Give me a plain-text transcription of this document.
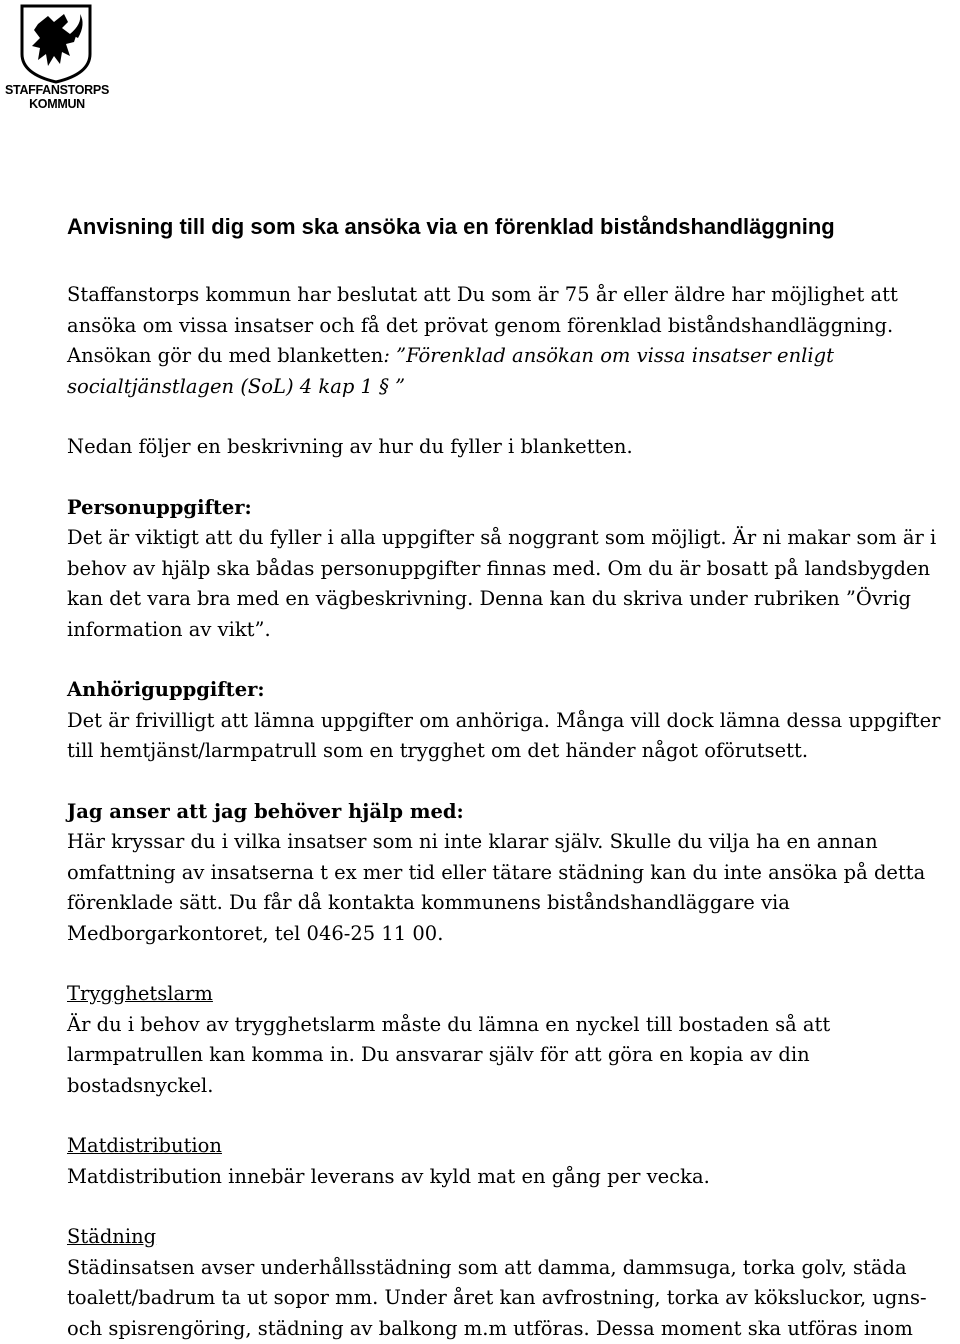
STAFFANSTORPS
KOMMUN
Anvisning till dig som ska ansöka via en förenklad biståndshandläggning

Staffanstorps kommun har beslutat att Du som är 75 år eller äldre har möjlighet att ansöka om vissa insatser och få det prövat genom förenklad biståndshandläggning. Ansökan gör du med blanketten: ”Förenklad ansökan om vissa insatser enligt socialtjänstlagen (SoL) 4 kap 1 § ”

Nedan följer en beskrivning av hur du fyller i blanketten.

Personuppgifter:

Det är viktigt att du fyller i alla uppgifter så noggrant som möjligt. Är ni makar som är i behov av hjälp ska bådas personuppgifter finnas med. Om du är bosatt på landsbygden kan det vara bra med en vägbeskrivning. Denna kan du skriva under rubriken ”Övrig information av vikt”.

Anhöriguppgifter:

Det är frivilligt att lämna uppgifter om anhöriga. Många vill dock lämna dessa uppgifter till hemtjänst/larmpatrull som en trygghet om det händer något oförutsett.

Jag anser att jag behöver hjälp med:

Här kryssar du i vilka insatser som ni inte klarar själv. Skulle du vilja ha en annan omfattning av insatserna t ex mer tid eller tätare städning kan du inte ansöka på detta förenklade sätt. Du får då kontakta kommunens biståndshandläggare via Medborgarkontoret, tel 046-25 11 00.

Trygghetslarm

Är du i behov av trygghetslarm måste du lämna en nyckel till bostaden så att larmpatrullen kan komma in. Du ansvarar själv för att göra en kopia av din bostadsnyckel.

Matdistribution

Matdistribution innebär leverans av kyld mat en gång per vecka.

Städning

Städinsatsen avser underhållsstädning som att damma, dammsuga, torka golv, städa toalett/badrum ta ut sopor mm. Under året kan avfrostning, torka av köksluckor, ugns- och spisrengöring, städning av balkong m.m utföras. Dessa moment ska utföras inom
